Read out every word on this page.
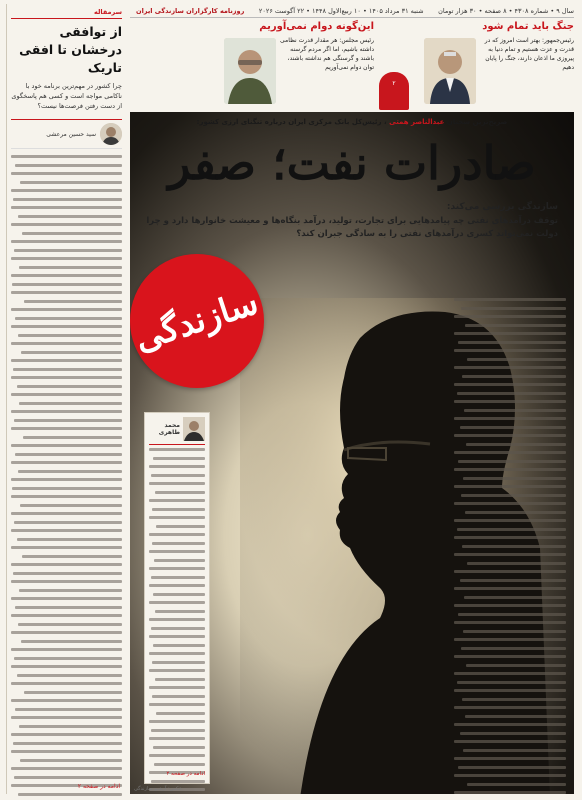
سال ۹ • شماره ۴۳۰۸ • ۸ صفحه • ۳۰ هزار تومان
شنبه ۳۱ مرداد ۱۴۰۵ • ۱۰ ربیع‌الاول ۱۴۴۸ • ۲۲ آگوست ۲۰۲۶
روزنامه کارگزاران سازندگی ایران
جنگ باید تمام شود

رئیس‌جمهور: بهتر است امروز که در قدرت و عزت هستیم و تمام دنیا به پیروزی ما اذعان دارند، جنگ را پایان دهیم

۲
این‌گونه دوام نمی‌آوریم

رئیس مجلس: هر مقدار قدرت نظامی داشته باشیم، اما اگر مردم گرسنه باشند و گرسنگی هم نداشته باشند، توان دوام نمی‌آوریم

سرمقاله
از توافقی درخشان تا افقی تاریک
چرا کشور در مهم‌ترین برنامه خود با ناکامی مواجه است و کسی هم پاسخگوی از دست رفتن فرصت‌ها نیست؟
سید حسین مرعشی
ادامه در صفحه ۲
صریح‌ترین سخنان عبدالناصر همتی ، رئیس‌کل بانک مرکزی ایران درباره تنگنای ارزی کشور:
صادرات نفت؛ صفر
سازندگی بررسی می‌کند:
توقف درآمدهای نفتی چه پیامدهایی برای تجارت، تولید، درآمد بنگاه‌ها و معیشت خانوارها دارد و چرا دولت نمی‌تواند کسری درآمدهای نفتی را به سادگی جبران کند؟
سازندگی
محمد طاهری
ادامه در صفحه ۲
عکس: آرشیو سازندگی
